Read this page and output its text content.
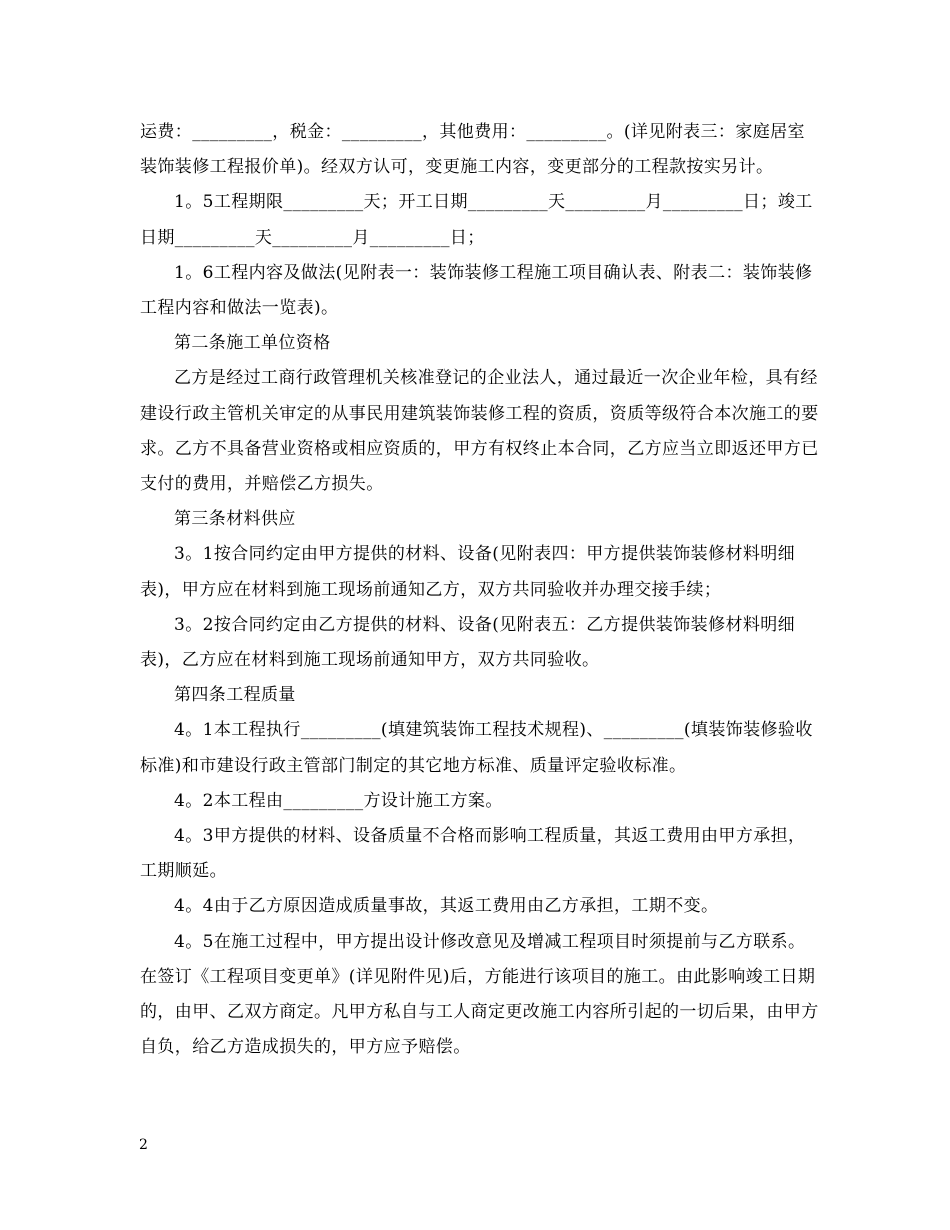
运费：_________，税金：_________，其他费用：_________。(详见附表三：家庭居室装饰装修工程报价单)。经双方认可，变更施工内容，变更部分的工程款按实另计。

1。5工程期限_________天；开工日期_________天_________月_________日；竣工日期_________天_________月_________日；

1。6工程内容及做法(见附表一：装饰装修工程施工项目确认表、附表二：装饰装修工程内容和做法一览表)。

第二条施工单位资格

乙方是经过工商行政管理机关核准登记的企业法人，通过最近一次企业年检，具有经建设行政主管机关审定的从事民用建筑装饰装修工程的资质，资质等级符合本次施工的要求。乙方不具备营业资格或相应资质的，甲方有权终止本合同，乙方应当立即返还甲方已支付的费用，并赔偿乙方损失。

第三条材料供应

3。1按合同约定由甲方提供的材料、设备(见附表四：甲方提供装饰装修材料明细表)，甲方应在材料到施工现场前通知乙方，双方共同验收并办理交接手续；

3。2按合同约定由乙方提供的材料、设备(见附表五：乙方提供装饰装修材料明细表)，乙方应在材料到施工现场前通知甲方，双方共同验收。

第四条工程质量

4。1本工程执行_________(填建筑装饰工程技术规程)、_________(填装饰装修验收标准)和市建设行政主管部门制定的其它地方标准、质量评定验收标准。

4。2本工程由_________方设计施工方案。

4。3甲方提供的材料、设备质量不合格而影响工程质量，其返工费用由甲方承担，工期顺延。

4。4由于乙方原因造成质量事故，其返工费用由乙方承担，工期不变。

4。5在施工过程中，甲方提出设计修改意见及增减工程项目时须提前与乙方联系。在签订《工程项目变更单》(详见附件见)后，方能进行该项目的施工。由此影响竣工日期的，由甲、乙双方商定。凡甲方私自与工人商定更改施工内容所引起的一切后果，由甲方自负，给乙方造成损失的，甲方应予赔偿。

2
